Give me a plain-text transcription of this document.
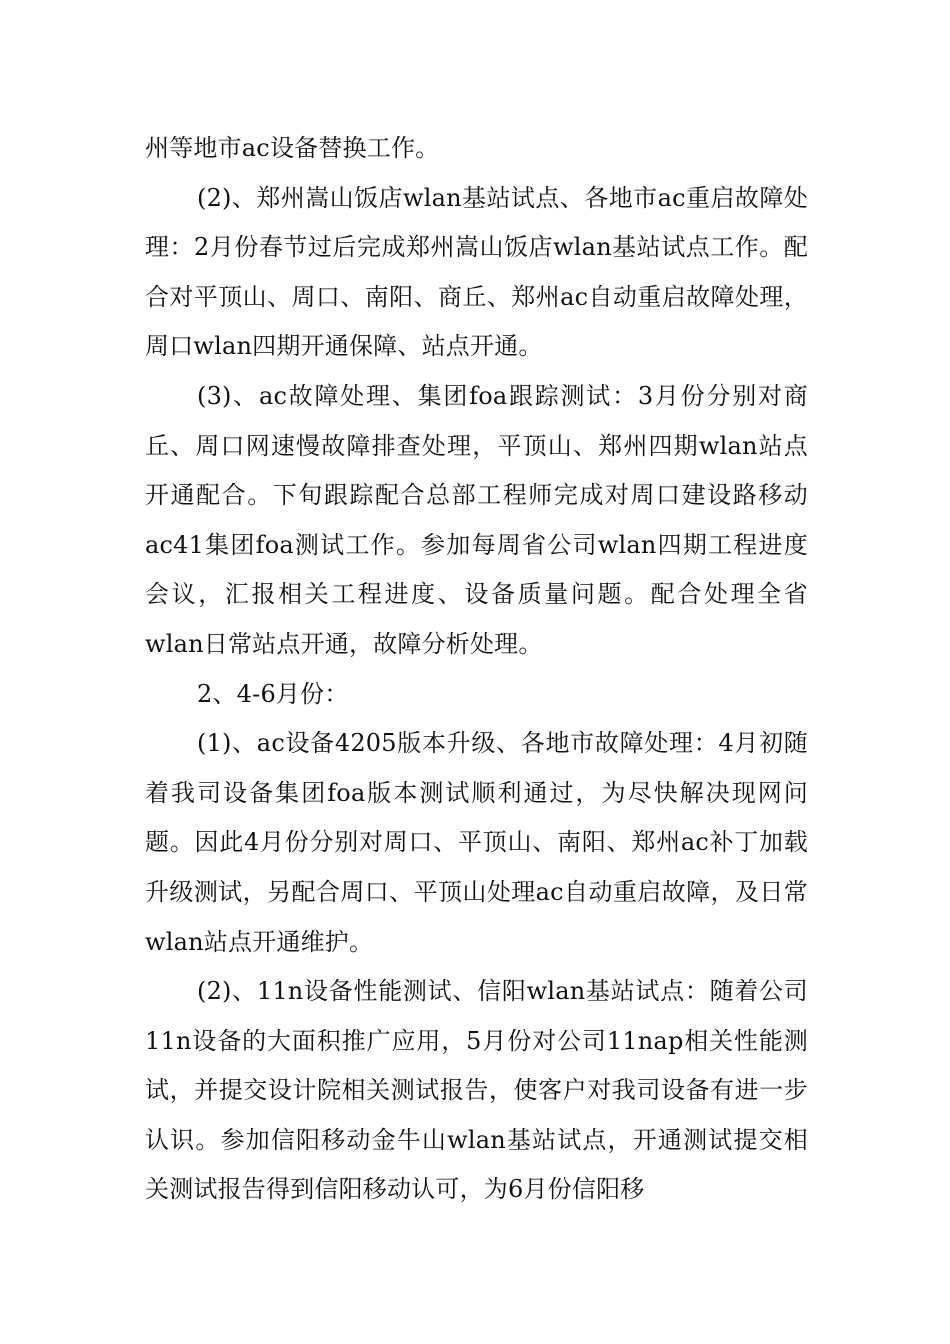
州等地市ac设备替换工作。

(2)、郑州嵩山饭店wlan基站试点、各地市ac重启故障处理：2月份春节过后完成郑州嵩山饭店wlan基站试点工作。配合对平顶山、周口、南阳、商丘、郑州ac自动重启故障处理，周口wlan四期开通保障、站点开通。

(3)、ac故障处理、集团foa跟踪测试：3月份分别对商丘、周口网速慢故障排查处理，平顶山、郑州四期wlan站点开通配合。下旬跟踪配合总部工程师完成对周口建设路移动ac41集团foa测试工作。参加每周省公司wlan四期工程进度会议，汇报相关工程进度、设备质量问题。配合处理全省wlan日常站点开通，故障分析处理。

2、4-6月份：

(1)、ac设备4205版本升级、各地市故障处理：4月初随着我司设备集团foa版本测试顺利通过，为尽快解决现网问题。因此4月份分别对周口、平顶山、南阳、郑州ac补丁加载升级测试，另配合周口、平顶山处理ac自动重启故障，及日常wlan站点开通维护。

(2)、11n设备性能测试、信阳wlan基站试点：随着公司11n设备的大面积推广应用，5月份对公司11nap相关性能测试，并提交设计院相关测试报告，使客户对我司设备有进一步认识。参加信阳移动金牛山wlan基站试点，开通测试提交相关测试报告得到信阳移动认可，为6月份信阳移
